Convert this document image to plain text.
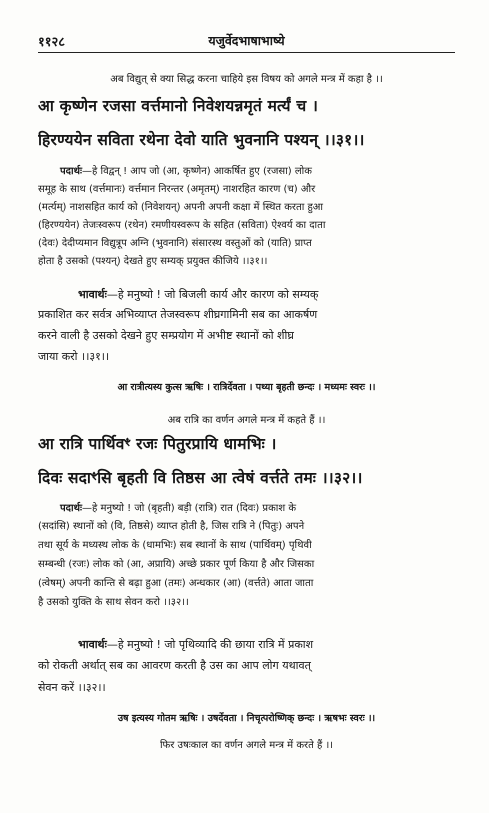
११२८	यजुर्वेदभाषाभाष्ये
अब विद्युत् से क्या सिद्ध करना चाहिये इस विषय को अगले मन्त्र में कहा है ।।
आ कृष्णेन रजसा वर्त्तमानो निवेशयन्नमृतं मर्त्यं च ।
हिरण्ययेन सविता रथेना देवो याति भुवनानि पश्यन् ।।३१।।
पदार्थः—हे विद्वन् ! आप जो (आ, कृष्णेन) आकर्षित हुए (रजसा) लोक
समूह के साथ (वर्त्तमानः) वर्त्तमान निरन्तर (अमृतम्) नाशरहित कारण (च) और
(मर्त्यम्) नाशसहित कार्य को (निवेशयन्) अपनी अपनी कक्षा में स्थित करता हुआ
(हिरण्ययेन) तेजःस्वरूप (रथेन) रमणीयस्वरूप के सहित (सविता) ऐश्वर्य का दाता
(देवः) देदीप्यमान विद्युत्रूप अग्नि (भुवनानि) संसारस्थ वस्तुओं को (याति) प्राप्त
होता है उसको (पश्यन्) देखते हुए सम्यक् प्रयुक्त कीजिये ।।३१।।
भावार्थः—हे मनुष्यो ! जो बिजली कार्य और कारण को सम्यक्
प्रकाशित कर सर्वत्र अभिव्याप्त तेजस्वरूप शीघ्रगामिनी सब का आकर्षण
करने वाली है उसको देखने हुए सम्प्रयोग में अभीष्ट स्थानों को शीघ्र
जाया करो ।।३१।।
आ रात्रीत्यस्य कुत्स ऋषिः । रात्रिर्देवता । पथ्या बृहती छन्दः । मध्यमः स्वरः ।।
अब रात्रि का वर्णन अगले मन्त्र में कहते हैं ।।
आ रात्रि पार्थिवꣳ रजः पितुरप्रायि धामभिः ।
दिवः सदाꣳसि बृहती वि तिष्ठस आ त्वेषं वर्त्तते तमः ।।३२।।
पदार्थः—हे मनुष्यो ! जो (बृहती) बड़ी (रात्रि) रात (दिवः) प्रकाश के
(सदांसि) स्थानों को (वि, तिष्ठसे) व्याप्त होती है, जिस रात्रि ने (पितुः) अपने
तथा सूर्य के मध्यस्थ लोक के (धामभिः) सब स्थानों के साथ (पार्थिवम्) पृथिवी
सम्बन्धी (रजः) लोक को (आ, अप्रायि) अच्छे प्रकार पूर्ण किया है और जिसका
(त्वेषम्) अपनी कान्ति से बढ़ा हुआ (तमः) अन्धकार (आ) (वर्त्तते) आता जाता
है उसको युक्ति के साथ सेवन करो ।।३२।।
भावार्थः—हे मनुष्यो ! जो पृथिव्यादि की छाया रात्रि में प्रकाश
को रोकती अर्थात् सब का आवरण करती है उस का आप लोग यथावत्
सेवन करें ।।३२।।
उष इत्यस्य गोतम ऋषिः । उषर्देवता । निचृत्परोष्णिक् छन्दः । ऋषभः स्वरः ।।
फिर उषःकाल का वर्णन अगले मन्त्र में करते हैं ।।
